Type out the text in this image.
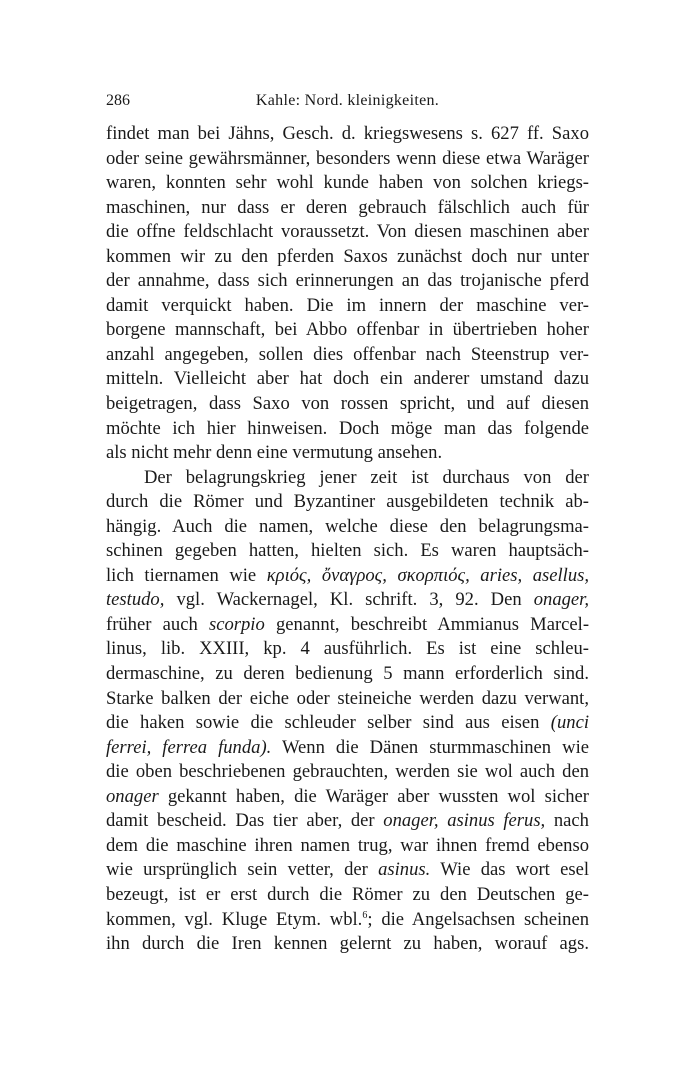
286	Kahle: Nord. kleinigkeiten.
findet man bei Jähns, Gesch. d. kriegswesens s. 627 ff. Saxo
oder seine gewährsmänner, besonders wenn diese etwa Waräger
waren, konnten sehr wohl kunde haben von solchen kriegs-
maschinen, nur dass er deren gebrauch fälschlich auch für
die offne feldschlacht voraussetzt. Von diesen maschinen aber
kommen wir zu den pferden Saxos zunächst doch nur unter
der annahme, dass sich erinnerungen an das trojanische pferd
damit verquickt haben. Die im innern der maschine ver-
borgene mannschaft, bei Abbo offenbar in übertrieben hoher
anzahl angegeben, sollen dies offenbar nach Steenstrup ver-
mitteln. Vielleicht aber hat doch ein anderer umstand dazu
beigetragen, dass Saxo von rossen spricht, und auf diesen
möchte ich hier hinweisen. Doch möge man das folgende
als nicht mehr denn eine vermutung ansehen.
Der belagrungskrieg jener zeit ist durchaus von der
durch die Römer und Byzantiner ausgebildeten technik ab-
hängig. Auch die namen, welche diese den belagrungsma-
schinen gegeben hatten, hielten sich. Es waren hauptsäch-
lich tiernamen wie κριός, ὄναγρος, σκορπιός, aries, asellus,
testudo, vgl. Wackernagel, Kl. schrift. 3, 92. Den onager,
früher auch scorpio genannt, beschreibt Ammianus Marcel-
linus, lib. XXIII, kp. 4 ausführlich. Es ist eine schleu-
dermaschine, zu deren bedienung 5 mann erforderlich sind.
Starke balken der eiche oder steineiche werden dazu verwant,
die haken sowie die schleuder selber sind aus eisen (unci
ferrei, ferrea funda). Wenn die Dänen sturmmaschinen wie
die oben beschriebenen gebrauchten, werden sie wol auch den
onager gekannt haben, die Waräger aber wussten wol sicher
damit bescheid. Das tier aber, der onager, asinus ferus, nach
dem die maschine ihren namen trug, war ihnen fremd ebenso
wie ursprünglich sein vetter, der asinus. Wie das wort esel
bezeugt, ist er erst durch die Römer zu den Deutschen ge-
kommen, vgl. Kluge Etym. wbl.$^6$; die Angelsachsen scheinen
ihn durch die Iren kennen gelernt zu haben, worauf ags.
